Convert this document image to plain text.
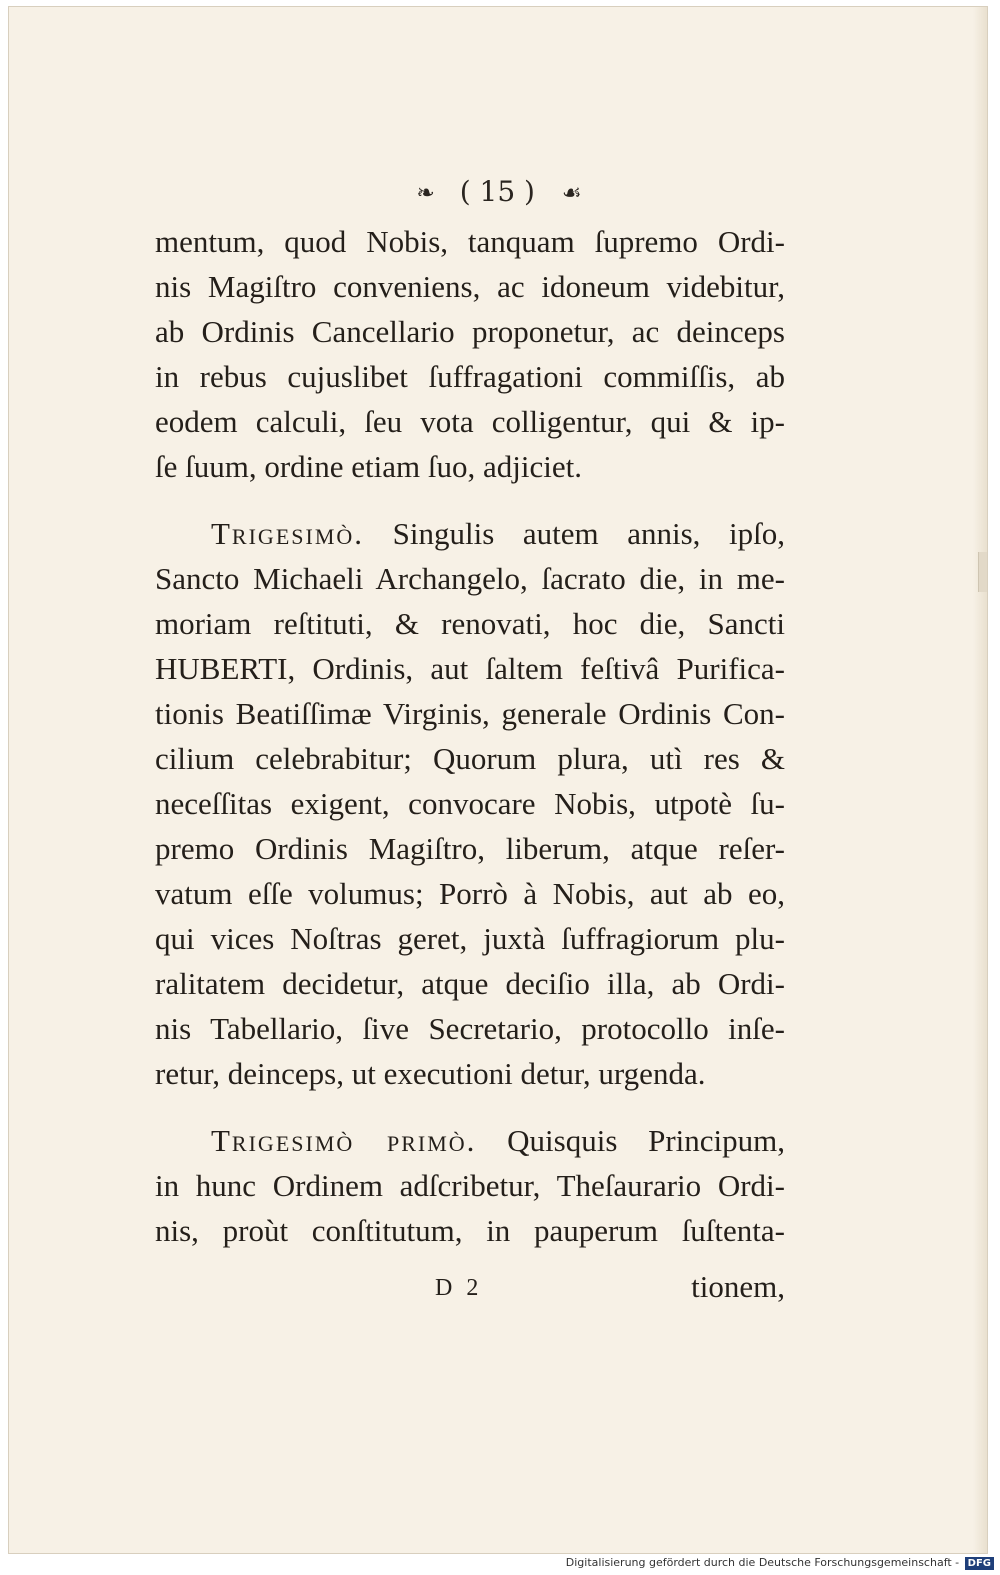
❧ ( 15 ) ☙
mentum, quod Nobis, tanquam ſupremo Ordi-
nis Magiſtro conveniens, ac idoneum videbitur,
ab Ordinis Cancellario proponetur, ac deinceps
in rebus cujuslibet ſuffragationi commiſſis, ab
eodem calculi, ſeu vota colligentur, qui & ip-
ſe ſuum, ordine etiam ſuo, adjiciet.
Trigesimò. Singulis autem annis, ipſo,
Sancto Michaeli Archangelo, ſacrato die, in me-
moriam reſtituti, & renovati, hoc die, Sancti
HUBERTI, Ordinis, aut ſaltem feſtivâ Purifica-
tionis Beatiſſimæ Virginis, generale Ordinis Con-
cilium celebrabitur; Quorum plura, utì res &
neceſſitas exigent, convocare Nobis, utpotè ſu-
premo Ordinis Magiſtro, liberum, atque reſer-
vatum eſſe volumus; Porrò à Nobis, aut ab eo,
qui vices Noſtras geret, juxtà ſuffragiorum plu-
ralitatem decidetur, atque deciſio illa, ab Ordi-
nis Tabellario, ſive Secretario, protocollo inſe-
retur, deinceps, ut executioni detur, urgenda.
Trigesimò primò. Quisquis Principum,
in hunc Ordinem adſcribetur, Theſaurario Ordi-
nis, proùt conſtitutum, in pauperum ſuſtenta-
D 2	tionem,
Digitalisierung gefördert durch die Deutsche Forschungsgemeinschaft - DFG
